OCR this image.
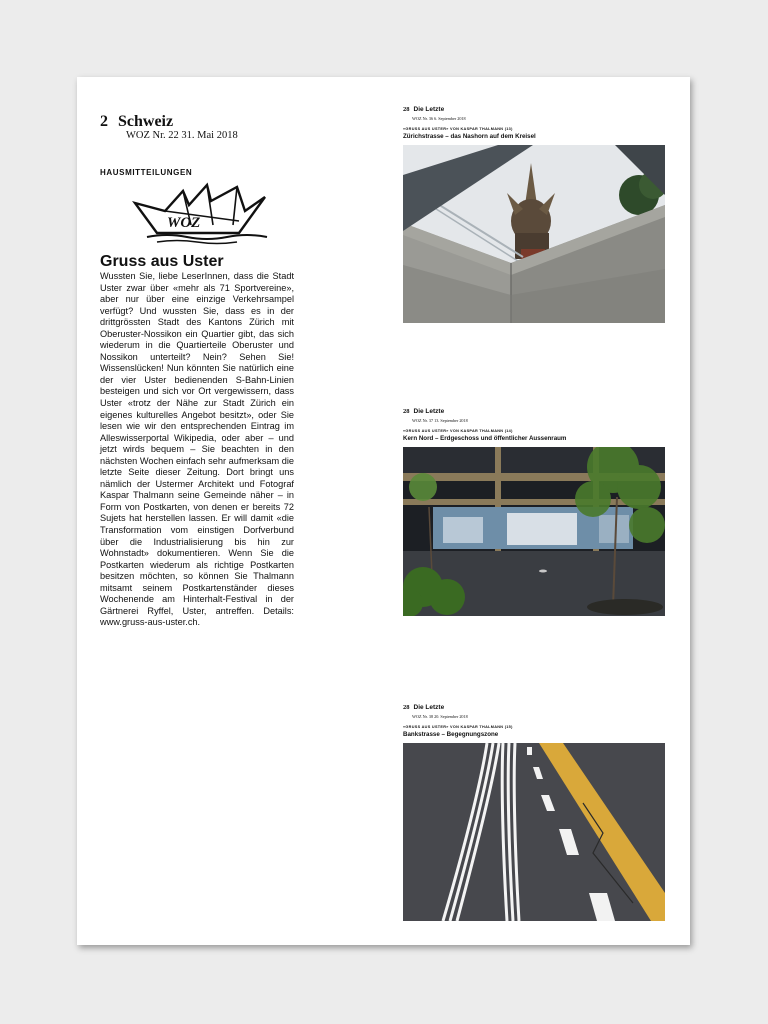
2 Schweiz
WOZ Nr. 22 31. Mai 2018
HAUSMITTEILUNGEN
WOZ
Gruss aus Uster
Wussten Sie, liebe LeserInnen, dass die Stadt Uster zwar über «mehr als 71 Sportvereine», aber nur über eine einzige Verkehrsampel verfügt? Und wussten Sie, dass es in der drittgrössten Stadt des Kantons Zürich mit Oberuster-Nossikon ein Quartier gibt, das sich wiederum in die Quartierteile Oberuster und Nossikon unterteilt? Nein? Sehen Sie! Wissenslücken! Nun könnten Sie natürlich eine der vier Uster bedienenden S-Bahn-Linien besteigen und sich vor Ort vergewissern, dass Uster «trotz der Nähe zur Stadt Zürich ein eigenes kulturelles Angebot besitzt», oder Sie lesen wie wir den entsprechenden Eintrag im Alleswisserportal Wikipedia, oder aber – und jetzt wirds bequem – Sie beachten in den nächsten Wochen einfach sehr aufmerksam die letzte Seite dieser Zeitung. Dort bringt uns nämlich der Ustermer Architekt und Fotograf Kaspar Thalmann seine Gemeinde näher – in Form von Postkarten, von denen er bereits 72 Sujets hat herstellen lassen. Er will damit «die Transformation vom einstigen Dorfverbund über die Industrialisierung bis hin zur Wohnstadt» dokumentieren. Wenn Sie die Postkarten wiederum als richtige Postkarten besitzen möchten, so können Sie Thalmann mitsamt seinem Postkartenständer dieses Wochenende am Hinterhalt-Festival in der Gärtnerei Ryffel, Uster, antreffen. Details: www.gruss-aus-uster.ch.
28 Die Letzte
WOZ Nr. 36 6. September 2018
«GRUSS AUS USTER» VON KASPAR THALMANN (13)
Zürichstrasse – das Nashorn auf dem Kreisel
28 Die Letzte
WOZ Nr. 37 13. September 2018
«GRUSS AUS USTER» VON KASPAR THALMANN (14)
Kern Nord – Erdgeschoss und öffentlicher Aussenraum
28 Die Letzte
WOZ Nr. 38 20. September 2018
«GRUSS AUS USTER» VON KASPAR THALMANN (15)
Bankstrasse – Begegnungszone
